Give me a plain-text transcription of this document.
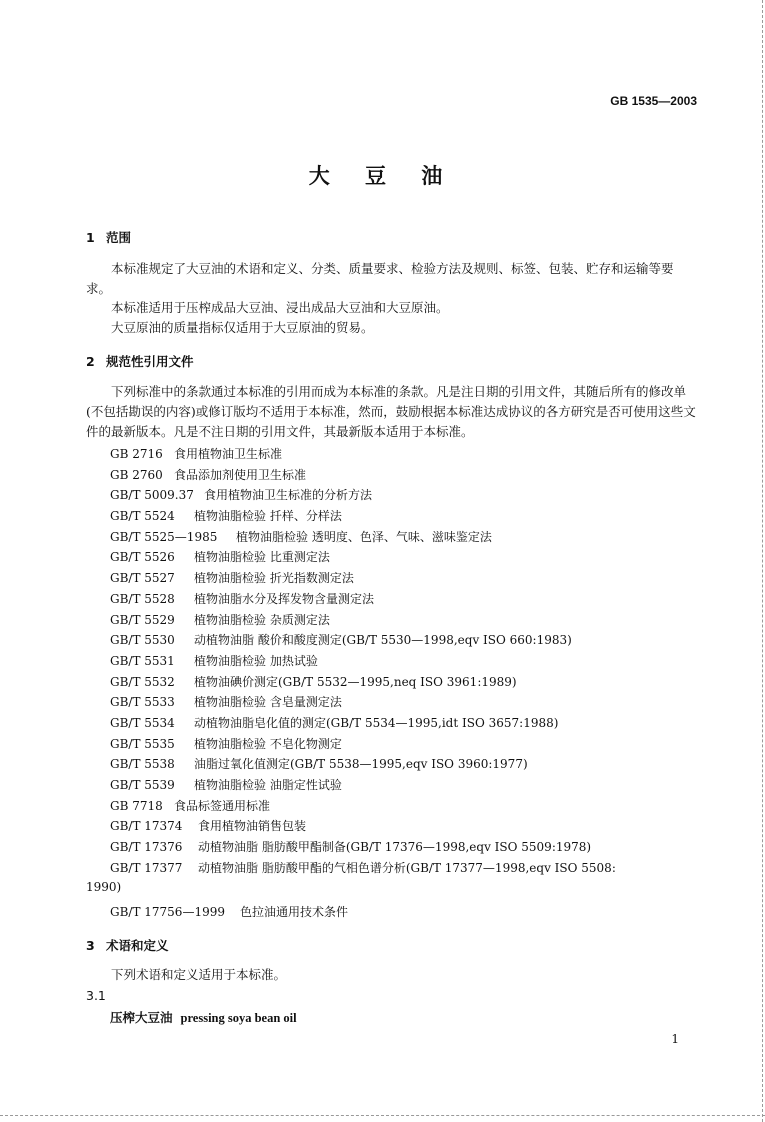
GB 1535—2003
大 豆 油
1 范围
本标准规定了大豆油的术语和定义、分类、质量要求、检验方法及规则、标签、包装、贮存和运输等要求。
本标准适用于压榨成品大豆油、浸出成品大豆油和大豆原油。
大豆原油的质量指标仅适用于大豆原油的贸易。
2 规范性引用文件
下列标准中的条款通过本标准的引用而成为本标准的条款。凡是注日期的引用文件，其随后所有的修改单(不包括勘误的内容)或修订版均不适用于本标准，然而，鼓励根据本标准达成协议的各方研究是否可使用这些文件的最新版本。凡是不注日期的引用文件，其最新版本适用于本标准。
GB 2716 食用植物油卫生标准
GB 2760 食品添加剂使用卫生标准
GB/T 5009.37 食用植物油卫生标准的分析方法
GB/T 5524 植物油脂检验 扦样、分样法
GB/T 5525—1985 植物油脂检验 透明度、色泽、气味、滋味鉴定法
GB/T 5526 植物油脂检验 比重测定法
GB/T 5527 植物油脂检验 折光指数测定法
GB/T 5528 植物油脂水分及挥发物含量测定法
GB/T 5529 植物油脂检验 杂质测定法
GB/T 5530 动植物油脂 酸价和酸度测定(GB/T 5530—1998,eqv ISO 660:1983)
GB/T 5531 植物油脂检验 加热试验
GB/T 5532 植物油碘价测定(GB/T 5532—1995,neq ISO 3961:1989)
GB/T 5533 植物油脂检验 含皂量测定法
GB/T 5534 动植物油脂皂化值的测定(GB/T 5534—1995,idt ISO 3657:1988)
GB/T 5535 植物油脂检验 不皂化物测定
GB/T 5538 油脂过氧化值测定(GB/T 5538—1995,eqv ISO 3960:1977)
GB/T 5539 植物油脂检验 油脂定性试验
GB 7718 食品标签通用标准
GB/T 17374 食用植物油销售包装
GB/T 17376 动植物油脂 脂肪酸甲酯制备(GB/T 17376—1998,eqv ISO 5509:1978)
GB/T 17377 动植物油脂 脂肪酸甲酯的气相色谱分析(GB/T 17377—1998,eqv ISO 5508:
1990)
GB/T 17756—1999 色拉油通用技术条件
3 术语和定义
下列术语和定义适用于本标准。
3.1
压榨大豆油 pressing soya bean oil
1
